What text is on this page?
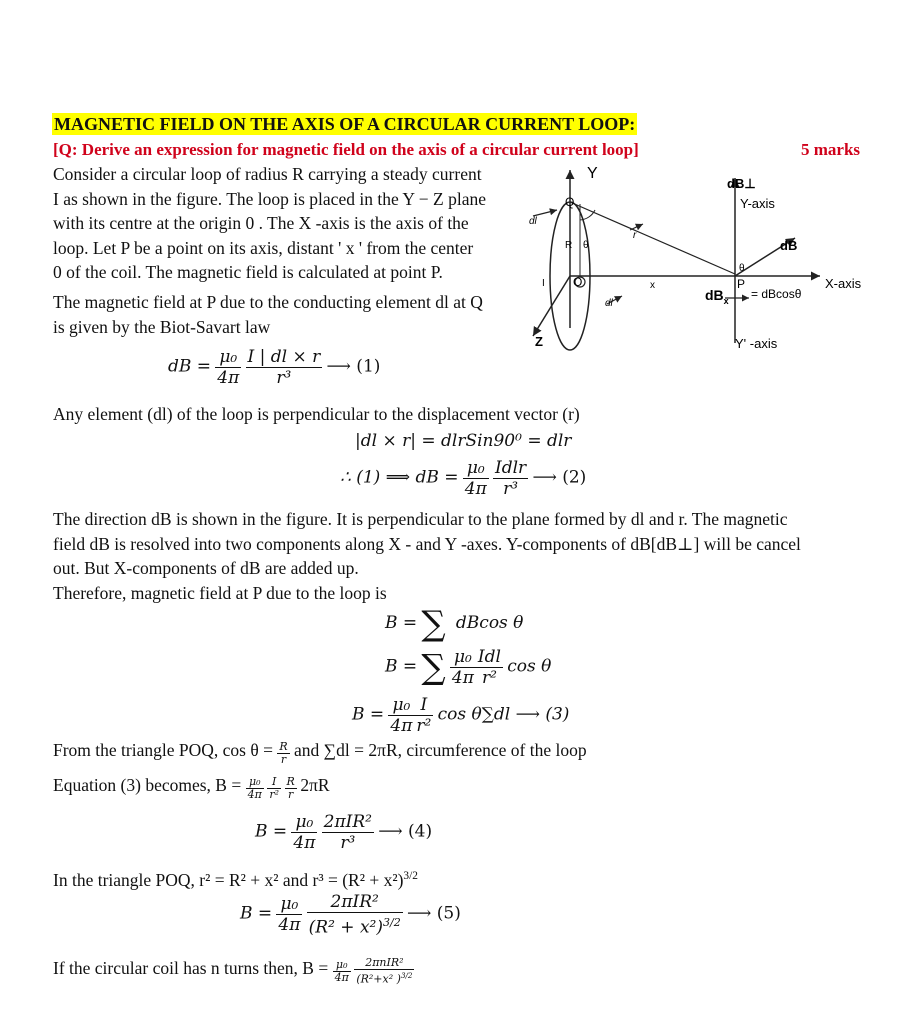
MAGNETIC FIELD ON THE AXIS OF A CIRCULAR CURRENT LOOP:
[Q: Derive an expression for magnetic field on the axis of a circular current loop]	5 marks
Consider a circular loop of radius R carrying a steady current
I as shown in the figure. The loop is placed in the Y − Z plane
with its centre at the origin 0 . The X -axis is the axis of the
loop. Let P be a point on its axis, distant ' x ' from the center
0 of the coil. The magnetic field is calculated at point P.
The magnetic field at P due to the conducting element dl at Q
is given by the Biot-Savart law
dB = $\frac{\text{μ₀}}{4\pi}$
$\frac{I | dl \times r}{\text{r³}}$ ⟶ (1)
Any element (dl) of the loop is perpendicular to the displacement vector (r)
|dl × r| = dlrSin90⁰ = dlr
∴ (1) ⟹ dB = $\frac{\text{μ₀}}{4\pi}$
$\frac{\text{Idlr}}{\text{r³}}$ ⟶ (2)
The direction dB is shown in the figure. It is perpendicular to the plane formed by dl and r. The magnetic
field dB is resolved into two components along X - and Y -axes. Y-components of dB[dB⊥] will be cancel
out. But X-components of dB are added up.
Therefore, magnetic field at P due to the loop is
B = ∑ dBcos θ
B = ∑ $\frac{\text{μ₀}}{4\pi} \frac{\text{Idl}}{\text{r²}}$ cos θ
$B = \frac{\text{μ₀}}{4\pi} \frac{I}{\text{r²}}$ cos θ∑dl ⟶ (3)
From the triangle POQ, $\cos \theta = \frac{R}{r}$ and ∑dl = 2πR, circumference of the loop
Equation (3) becomes, $B = \frac{\text{μ₀}}{4\pi}$
$\frac{I}{\text{r²}}$
$\frac{R}{r} 2\pi R$
$B = \frac{\text{μ₀}}{4\pi}$
$\frac{\text{2πIR²}}{\text{r³}}$ ⟶ (4)
In the triangle POQ, r² = R² + x² and $r^3 = (R^2 + x^2)^{3/2}$
$B = \frac{\text{μ₀}}{4\pi}$
$\frac{\text{2πIR²}}{(R^2 + x^2)^{3/2}}$ ⟶ (5)
If the circular coil has n turns then, $B = \frac{\text{μ₀}}{4\pi}$
$\frac{\text{2πnIR²}}{(R^2+x^2 )^{3/2}}$
Y
dB⊥
Y-axis
dB
X-axis
$dB_x = dBcos\theta$
Y' -axis
P
O
Q
R θ
θ
x
dl
dl
r
I
Z
